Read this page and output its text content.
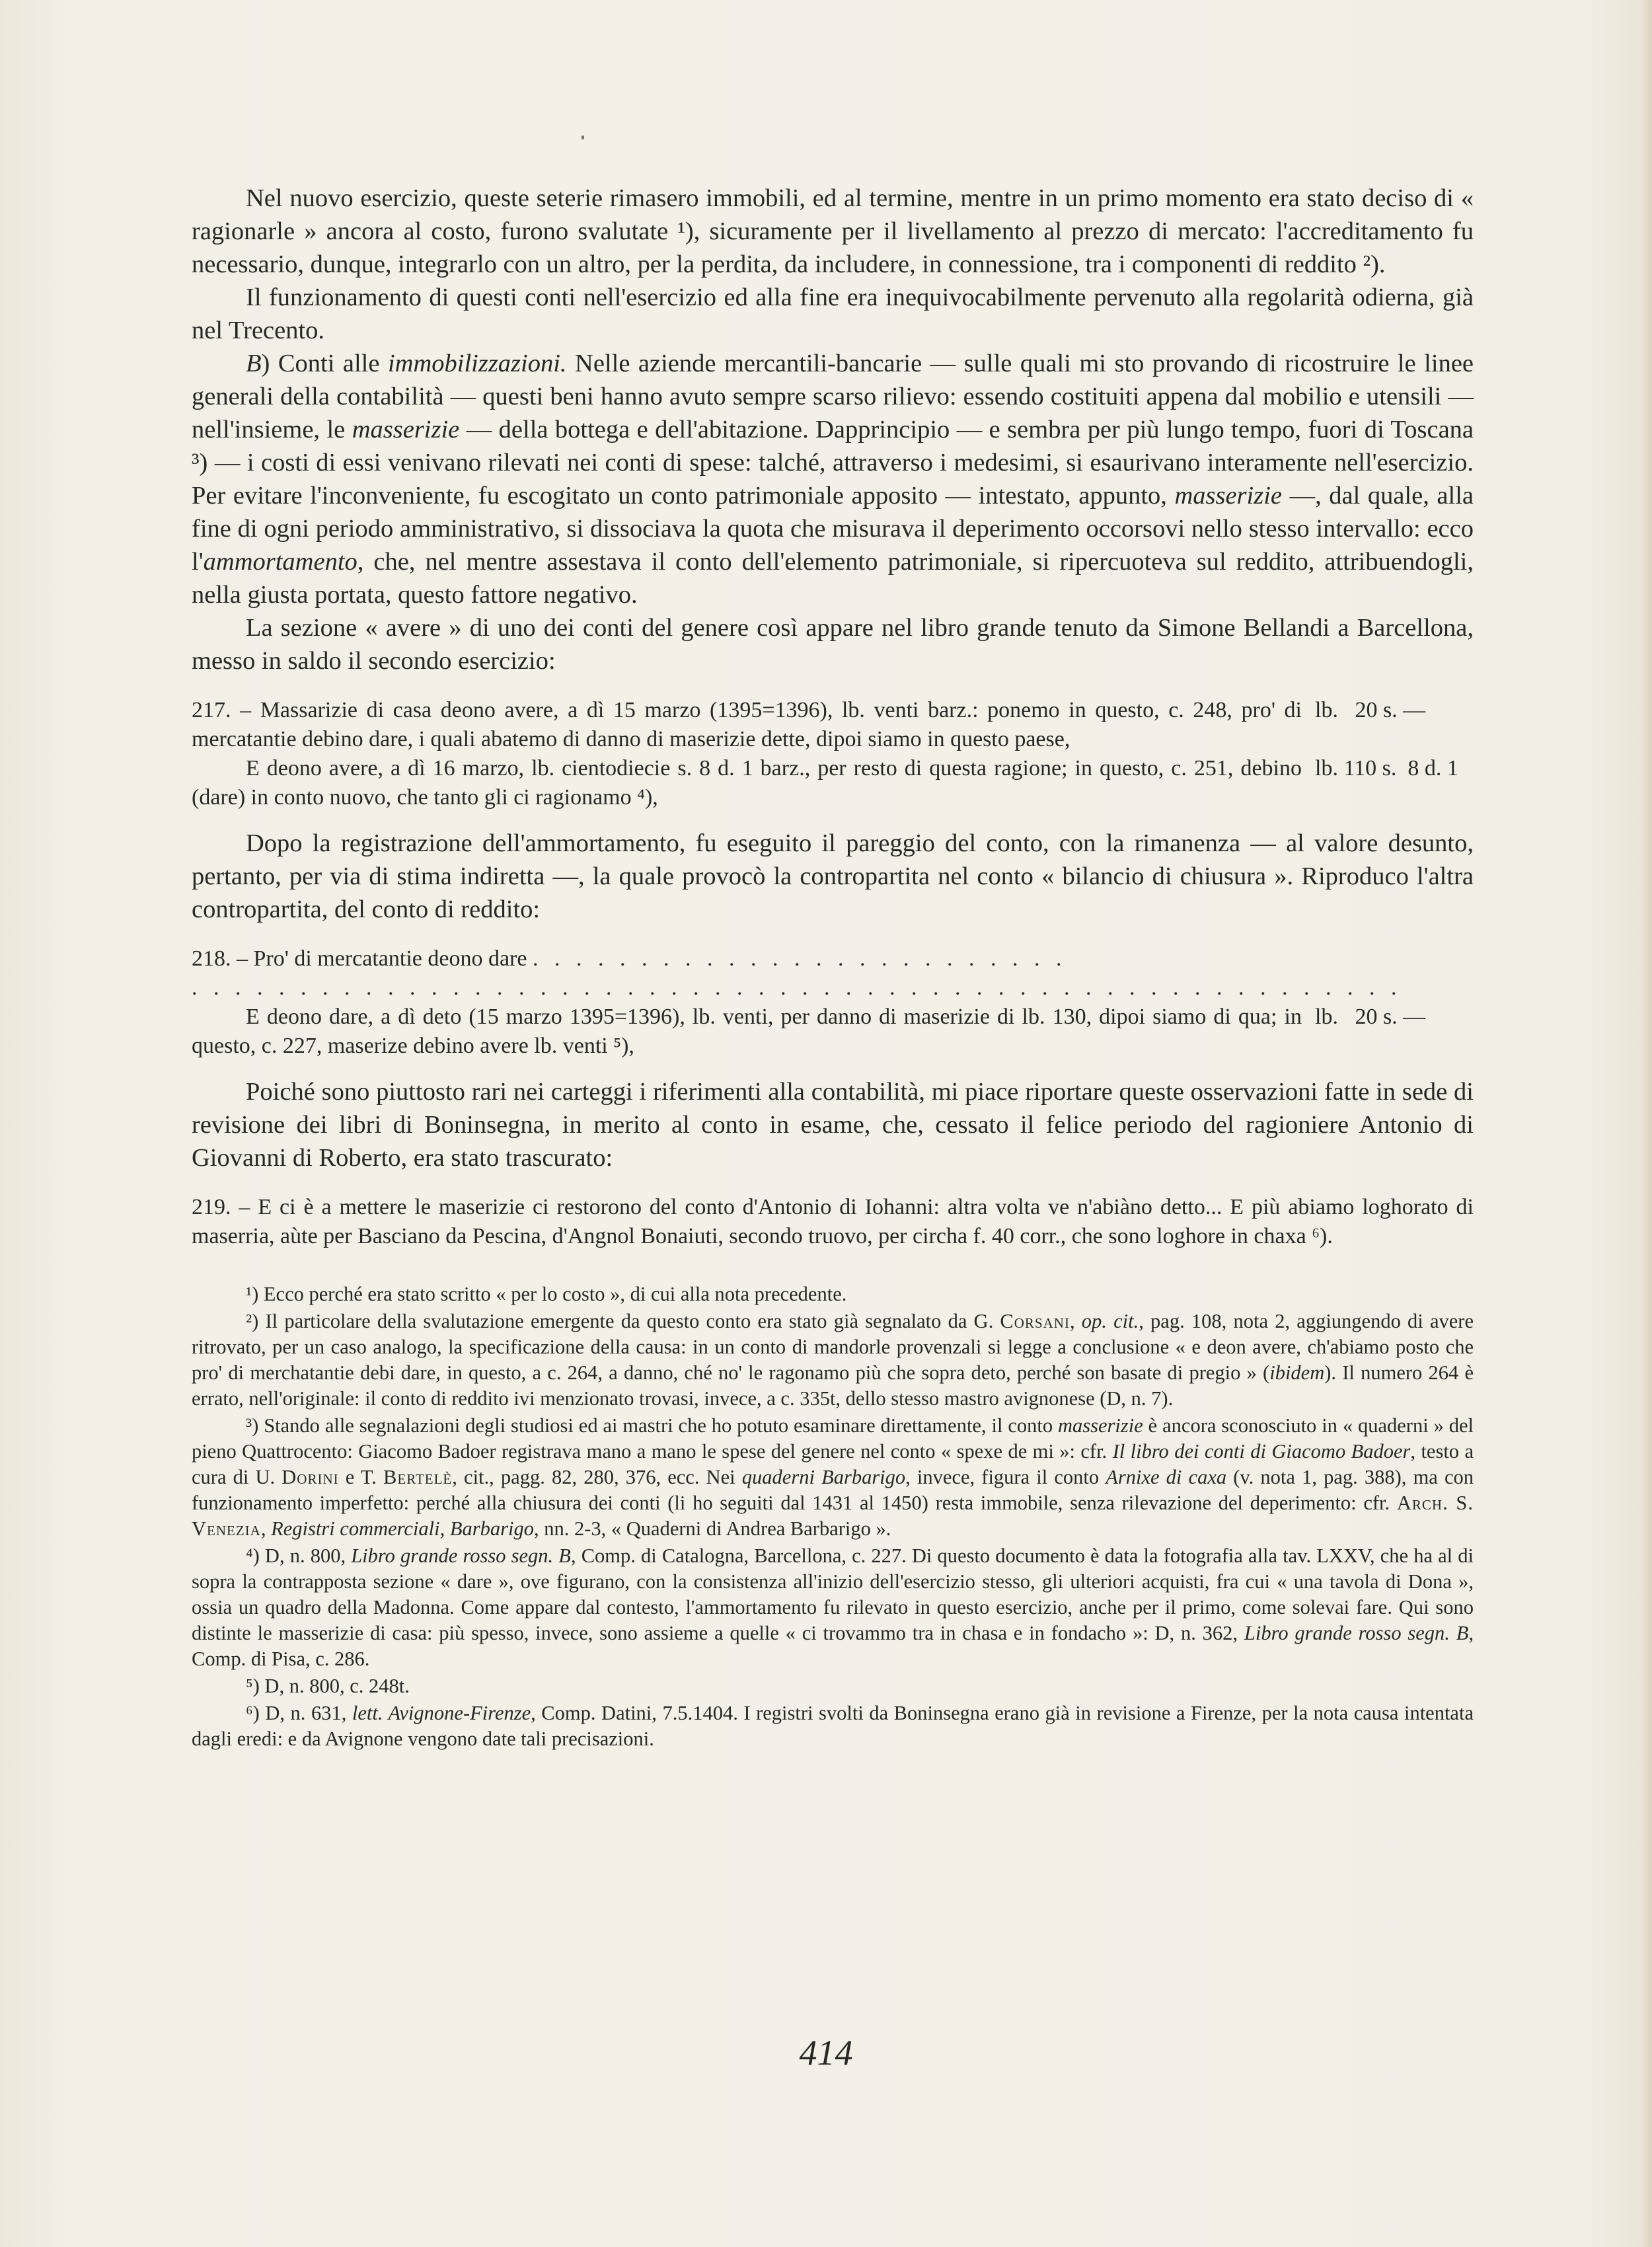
Nel nuovo esercizio, queste seterie rimasero immobili, ed al termine, mentre in un primo momento era stato deciso di « ragionarle » ancora al costo, furono svalutate ¹), sicuramente per il livellamento al prezzo di mercato: l'accreditamento fu necessario, dunque, integrarlo con un altro, per la perdita, da includere, in connessione, tra i componenti di reddito ²).

Il funzionamento di questi conti nell'esercizio ed alla fine era inequivocabilmente pervenuto alla regolarità odierna, già nel Trecento.

B) Conti alle immobilizzazioni. Nelle aziende mercantili-bancarie — sulle quali mi sto provando di ricostruire le linee generali della contabilità — questi beni hanno avuto sempre scarso rilievo: essendo costituiti appena dal mobilio e utensili — nell'insieme, le masserizie — della bottega e dell'abitazione. Dapprincipio — e sembra per più lungo tempo, fuori di Toscana ³) — i costi di essi venivano rilevati nei conti di spese: talché, attraverso i medesimi, si esaurivano interamente nell'esercizio. Per evitare l'inconveniente, fu escogitato un conto patrimoniale apposito — intestato, appunto, masserizie —, dal quale, alla fine di ogni periodo amministrativo, si dissociava la quota che misurava il deperimento occorsovi nello stesso intervallo: ecco l'ammortamento, che, nel mentre assestava il conto dell'elemento patrimoniale, si ripercuoteva sul reddito, attribuendogli, nella giusta portata, questo fattore negativo.

La sezione « avere » di uno dei conti del genere così appare nel libro grande tenuto da Simone Bellandi a Barcellona, messo in saldo il secondo esercizio:

217. – Massarizie di casa deono avere, a dì 15 marzo (1395=1396), lb. venti barz.: ponemo in questo, c. 248, pro' di mercatantie debino dare, i quali abatemo di danno di maserizie dette, dipoi siamo in questo paese,
lb.   20 s. —
E deono avere, a dì 16 marzo, lb. cientodiecie s. 8 d. 1 barz., per resto di questa ragione; in questo, c. 251, debino (dare) in conto nuovo, che tanto gli ci ragionamo ⁴),
lb. 110 s.  8 d. 1

Dopo la registrazione dell'ammortamento, fu eseguito il pareggio del conto, con la rimanenza — al valore desunto, pertanto, per via di stima indiretta —, la quale provocò la contropartita nel conto « bilancio di chiusura ». Riproduco l'altra contropartita, del conto di reddito:

218. – Pro' di mercatantie deono dare . . . . . . . . . . . . . . . . . . . . . . . . .
. . . . . . . . . . . . . . . . . . . . . . . . . . . . . . . . . . . . . . . . . . . . . . . . . . . . . . . .
E deono dare, a dì deto (15 marzo 1395=1396), lb. venti, per danno di maserizie di lb. 130, dipoi siamo di qua; in questo, c. 227, maserize debino avere lb. venti ⁵),
lb.   20 s. —

Poiché sono piuttosto rari nei carteggi i riferimenti alla contabilità, mi piace riportare queste osservazioni fatte in sede di revisione dei libri di Boninsegna, in merito al conto in esame, che, cessato il felice periodo del ragioniere Antonio di Giovanni di Roberto, era stato trascurato:

219. – E ci è a mettere le maserizie ci restorono del conto d'Antonio di Iohanni: altra volta ve n'abiàno detto... E più abiamo loghorato di maserria, aùte per Basciano da Pescina, d'Angnol Bonaiuti, secondo truovo, per circha f. 40 corr., che sono loghore in chaxa ⁶).

¹) Ecco perché era stato scritto « per lo costo », di cui alla nota precedente.

²) Il particolare della svalutazione emergente da questo conto era stato già segnalato da G. Corsani, op. cit., pag. 108, nota 2, aggiungendo di avere ritrovato, per un caso analogo, la specificazione della causa: in un conto di mandorle provenzali si legge a conclusione « e deon avere, ch'abiamo posto che pro' di merchatantie debi dare, in questo, a c. 264, a danno, ché no' le ragonamo più che sopra deto, perché son basate di pregio » (ibidem). Il numero 264 è errato, nell'originale: il conto di reddito ivi menzionato trovasi, invece, a c. 335t, dello stesso mastro avignonese (D, n. 7).

³) Stando alle segnalazioni degli studiosi ed ai mastri che ho potuto esaminare direttamente, il conto masserizie è ancora sconosciuto in « quaderni » del pieno Quattrocento: Giacomo Badoer registrava mano a mano le spese del genere nel conto « spexe de mi »: cfr. Il libro dei conti di Giacomo Badoer, testo a cura di U. Dorini e T. Bertelè, cit., pagg. 82, 280, 376, ecc. Nei quaderni Barbarigo, invece, figura il conto Arnixe di caxa (v. nota 1, pag. 388), ma con funzionamento imperfetto: perché alla chiusura dei conti (li ho seguiti dal 1431 al 1450) resta immobile, senza rilevazione del deperimento: cfr. Arch. S. Venezia, Registri commerciali, Barbarigo, nn. 2-3, « Quaderni di Andrea Barbarigo ».

⁴) D, n. 800, Libro grande rosso segn. B, Comp. di Catalogna, Barcellona, c. 227. Di questo documento è data la fotografia alla tav. LXXV, che ha al di sopra la contrapposta sezione « dare », ove figurano, con la consistenza all'inizio dell'esercizio stesso, gli ulteriori acquisti, fra cui « una tavola di Dona », ossia un quadro della Madonna. Come appare dal contesto, l'ammortamento fu rilevato in questo esercizio, anche per il primo, come solevai fare. Qui sono distinte le masserizie di casa: più spesso, invece, sono assieme a quelle « ci trovammo tra in chasa e in fondacho »: D, n. 362, Libro grande rosso segn. B, Comp. di Pisa, c. 286.

⁵) D, n. 800, c. 248t.

⁶) D, n. 631, lett. Avignone-Firenze, Comp. Datini, 7.5.1404. I registri svolti da Boninsegna erano già in revisione a Firenze, per la nota causa intentata dagli eredi: e da Avignone vengono date tali precisazioni.

414
